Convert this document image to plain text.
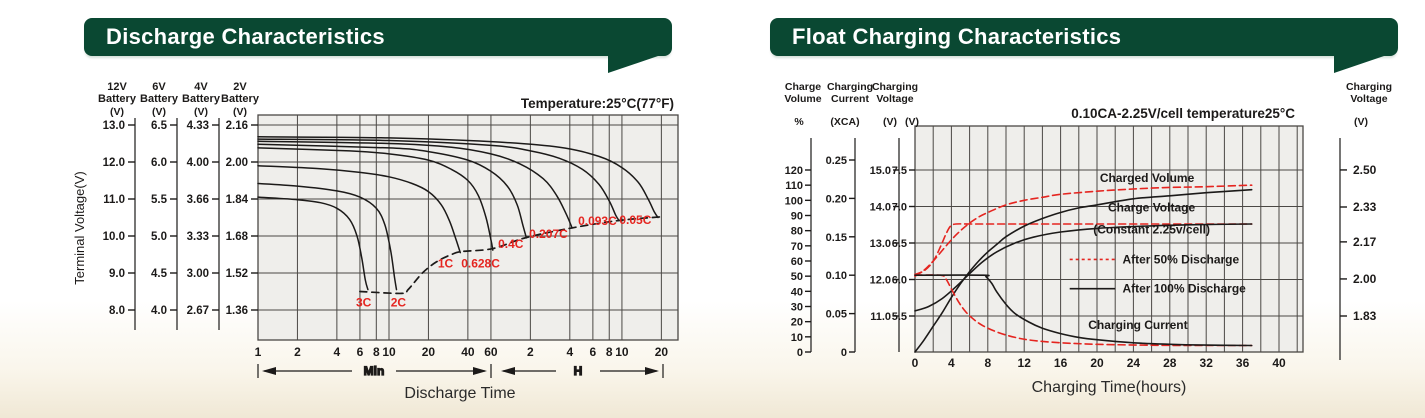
Discharge Characteristics
12V
Battery
(V)
13.0
12.0
11.0
10.0
9.0
8.0
6V
Battery
(V)
6.5
6.0
5.5
5.0
4.5
4.0
4V
Battery
(V)
4.33
4.00
3.66
3.33
3.00
2.67
2V
Battery
(V)
2.16
2.00
1.84
1.68
1.52
1.36
Terminal Voltage(V)
Temperature:25°C(77°F)
3C 2C
1C 0.628C
0.4C
0.207C
0.093C 0.05C
1	2	4 6 8 10 20 40 60 2	4 6 8 10 20
Min	H
Discharge Time
Float Charging Characteristics
Charge
Volume
%
0
10
20
30
40
50
60
70
80
90
100
110
120
Charging
Current
(XCA)
0
0.05
0.10
0.15
0.20
0.25
Charging
Voltage
(V)
11.0
12.0
13.0
14.0
15.0
(V)
5.5
6.0
6.5
7.0
7.5
Charging
Voltage
(V)
1.83
2.00
2.17
2.33
2.50
0.10CA-2.25V/cell temperature25°C
Charged Volume
Charge Voltage
(Constant 2.25v/cell)
Charging Current
After 50% Discharge
After 100% Discharge
0 4 8 12 16 20 24 28 32 36 40
Charging Time(hours)
